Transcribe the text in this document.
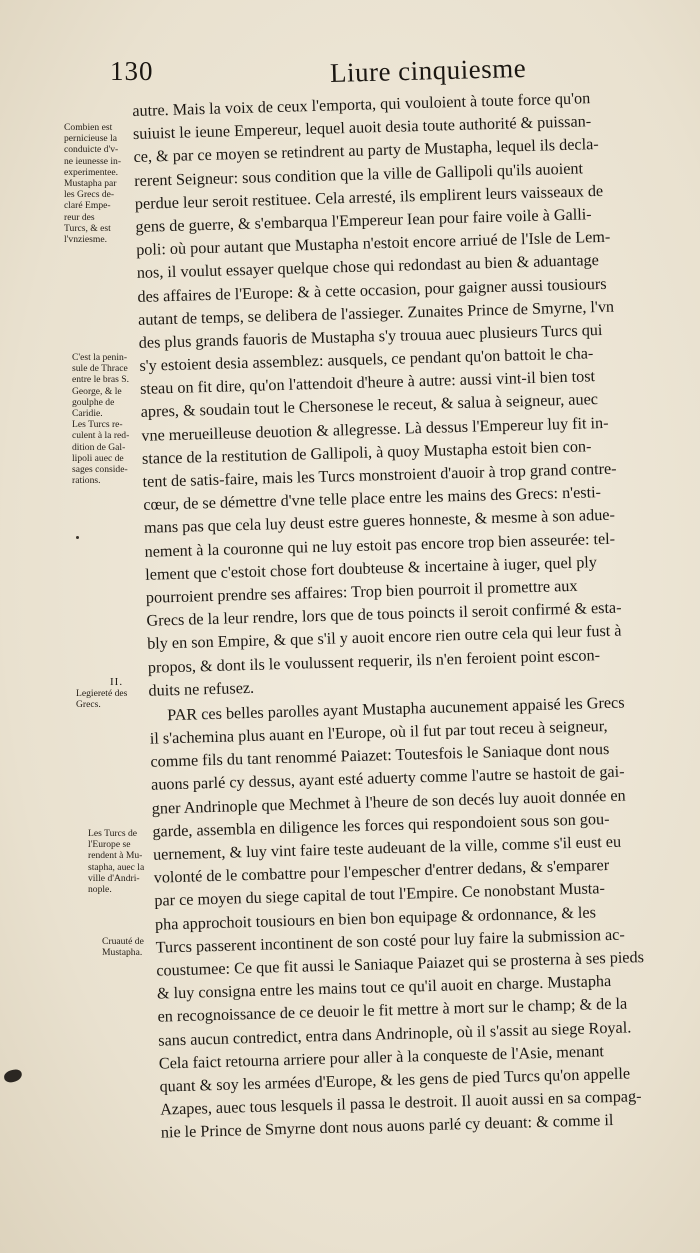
130	Liure cinquiesme
Combien est
pernicieuse la
conduicte d'v-
ne ieunesse in-
experimentee.
Mustapha par
les Grecs de-
claré Empe-
reur des
Turcs, & est
l'vnziesme.
C'est la penin-
sule de Thrace
entre le bras S.
George, & le
goulphe de
Caridie.
Les Turcs re-
culent à la red-
dition de Gal-
lipoli auec de
sages conside-
rations.
II.
Legiereté des
Grecs.
Les Turcs de
l'Europe se
rendent à Mu-
stapha, auec la
ville d'Andri-
nople.
Cruauté de
Mustapha.
autre. Mais la voix de ceux l'emporta, qui vouloient à toute force qu'on
suiuist le ieune Empereur, lequel auoit desia toute authorité & puissan-
ce, & par ce moyen se retindrent au party de Mustapha, lequel ils decla-
rerent Seigneur: sous condition que la ville de Gallipoli qu'ils auoient
perdue leur seroit restituee. Cela arresté, ils emplirent leurs vaisseaux de
gens de guerre, & s'embarqua l'Empereur Iean pour faire voile à Galli-
poli: où pour autant que Mustapha n'estoit encore arriué de l'Isle de Lem-
nos, il voulut essayer quelque chose qui redondast au bien & aduantage
des affaires de l'Europe: & à cette occasion, pour gaigner aussi tousiours
autant de temps, se delibera de l'assieger. Zunaites Prince de Smyrne, l'vn
des plus grands fauoris de Mustapha s'y trouua auec plusieurs Turcs qui
s'y estoient desia assemblez: ausquels, ce pendant qu'on battoit le cha-
steau on fit dire, qu'on l'attendoit d'heure à autre: aussi vint-il bien tost
apres, & soudain tout le Chersonese le receut, & salua à seigneur, auec
vne merueilleuse deuotion & allegresse. Là dessus l'Empereur luy fit in-
stance de la restitution de Gallipoli, à quoy Mustapha estoit bien con-
tent de satis-faire, mais les Turcs monstroient d'auoir à trop grand contre-
cœur, de se démettre d'vne telle place entre les mains des Grecs: n'esti-
mans pas que cela luy deust estre gueres honneste, & mesme à son adue-
nement à la couronne qui ne luy estoit pas encore trop bien asseurée: tel-
lement que c'estoit chose fort doubteuse & incertaine à iuger, quel ply
pourroient prendre ses affaires: Trop bien pourroit il promettre aux
Grecs de la leur rendre, lors que de tous poincts il seroit confirmé & esta-
bly en son Empire, & que s'il y auoit encore rien outre cela qui leur fust à
propos, & dont ils le voulussent requerir, ils n'en feroient point escon-
duits ne refusez.
PAR ces belles parolles ayant Mustapha aucunement appaisé les Grecs
il s'achemina plus auant en l'Europe, où il fut par tout receu à seigneur,
comme fils du tant renommé Paiazet: Toutesfois le Saniaque dont nous
auons parlé cy dessus, ayant esté aduerty comme l'autre se hastoit de gai-
gner Andrinople que Mechmet à l'heure de son decés luy auoit donnée en
garde, assembla en diligence les forces qui respondoient sous son gou-
uernement, & luy vint faire teste audeuant de la ville, comme s'il eust eu
volonté de le combattre pour l'empescher d'entrer dedans, & s'emparer
par ce moyen du siege capital de tout l'Empire. Ce nonobstant Musta-
pha approchoit tousiours en bien bon equipage & ordonnance, & les
Turcs passerent incontinent de son costé pour luy faire la submission ac-
coustumee: Ce que fit aussi le Saniaque Paiazet qui se prosterna à ses pieds
& luy consigna entre les mains tout ce qu'il auoit en charge. Mustapha
en recognoissance de ce deuoir le fit mettre à mort sur le champ; & de la
sans aucun contredict, entra dans Andrinople, où il s'assit au siege Royal.
Cela faict retourna arriere pour aller à la conqueste de l'Asie, menant
quant & soy les armées d'Europe, & les gens de pied Turcs qu'on appelle
Azapes, auec tous lesquels il passa le destroit. Il auoit aussi en sa compag-
nie le Prince de Smyrne dont nous auons parlé cy deuant: & comme il
